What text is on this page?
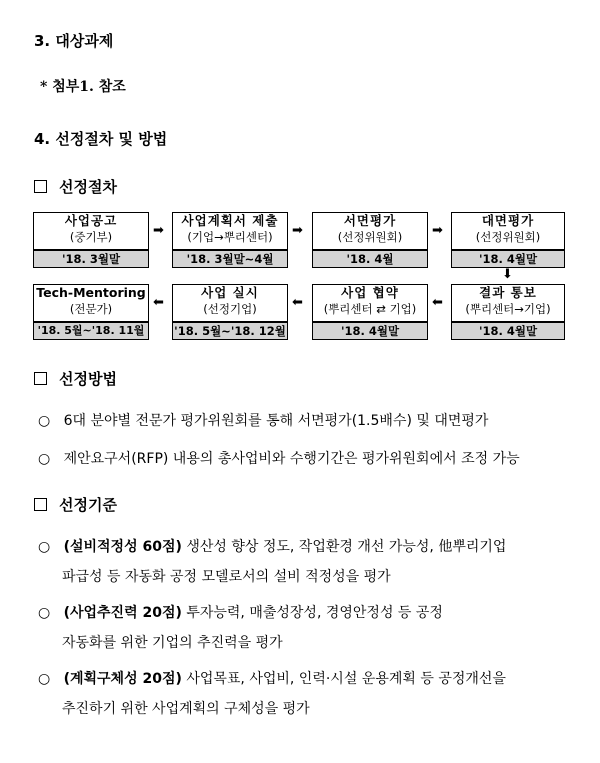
3. 대상과제
* 첨부1. 참조
4. 선정절차 및 방법
선정절차
사업공고
(중기부)
'18. 3월말
➡
사업계획서 제출
(기업→뿌리센터)
'18. 3월말~4월
➡
서면평가
(선정위원회)
'18. 4월
➡
대면평가
(선정위원회)
'18. 4월말
⬇
결과 통보
(뿌리센터→기업)
'18. 4월말
⬅
사업 협약
(뿌리센터 ⇄ 기업)
'18. 4월말
⬅
사업 실시
(선정기업)
'18. 5월~'18. 12월
⬅
Tech-Mentoring
(전문가)
'18. 5월~'18. 11월
선정방법
○ 6대 분야별 전문가 평가위원회를 통해 서면평가(1.5배수) 및 대면평가
○ 제안요구서(RFP) 내용의 총사업비와 수행기간은 평가위원회에서 조정 가능
선정기준
○ (설비적정성 60점) 생산성 향상 정도, 작업환경 개선 가능성, 他뿌리기업
파급성 등 자동화 공정 모델로서의 설비 적정성을 평가
○ (사업추진력 20점) 투자능력, 매출성장성, 경영안정성 등 공정
자동화를 위한 기업의 추진력을 평가
○ (계획구체성 20점) 사업목표, 사업비, 인력·시설 운용계획 등 공정개선을
추진하기 위한 사업계획의 구체성을 평가
